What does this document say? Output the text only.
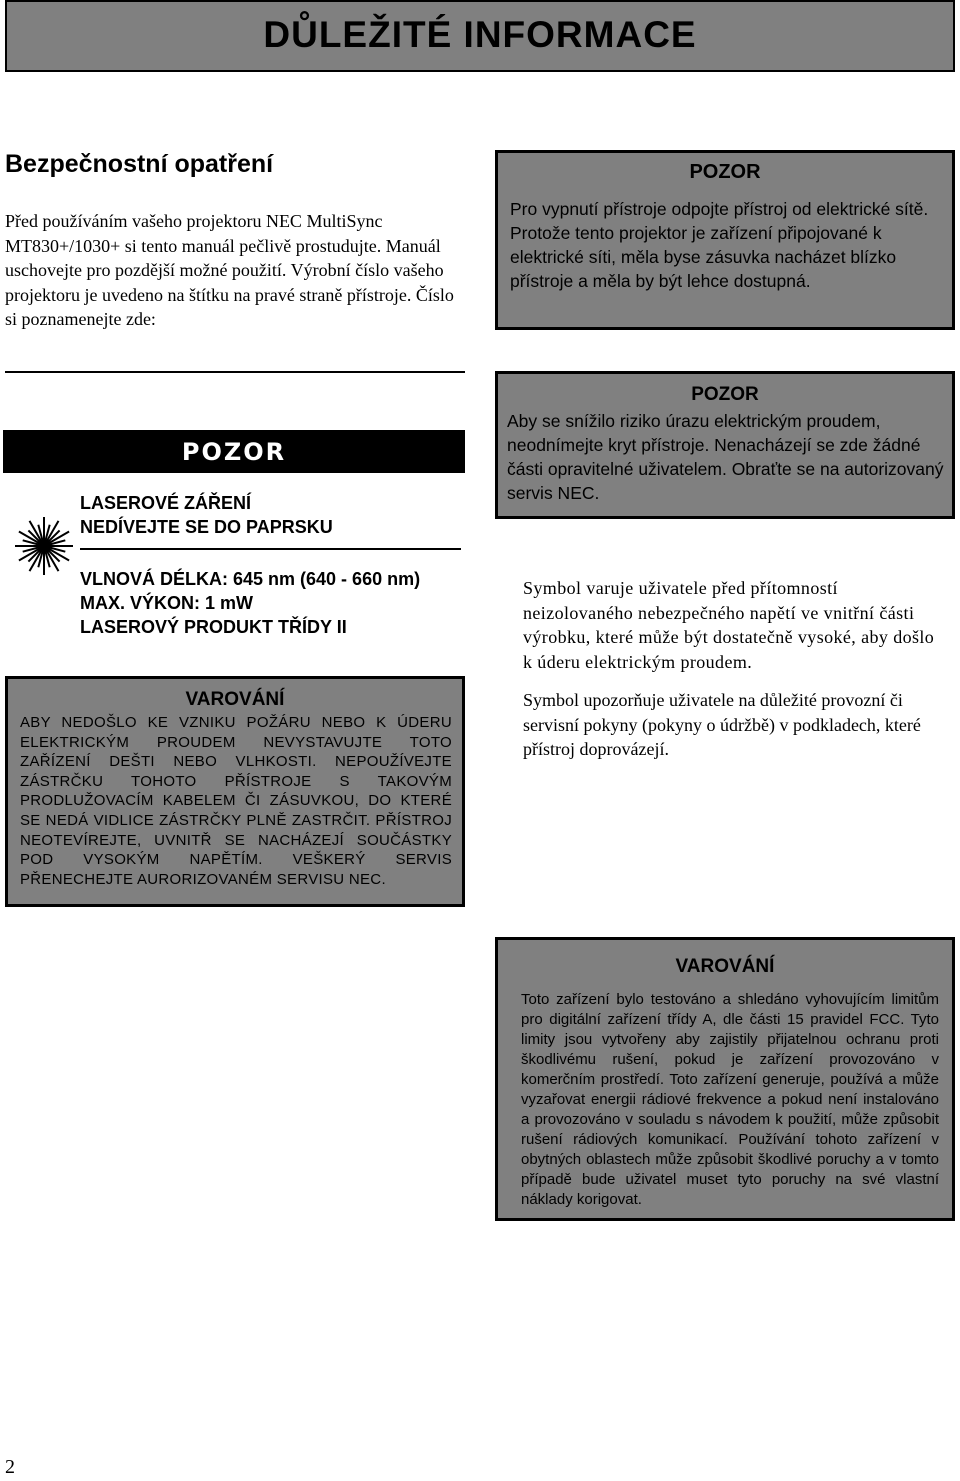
DŮLEŽITÉ INFORMACE
Bezpečnostní opatření
Před používáním vašeho projektoru NEC MultiSync MT830+/1030+ si tento manuál pečlivě prostudujte. Manuál uschovejte pro pozdější možné použití. Výrobní číslo vašeho projektoru je uvedeno na štítku na pravé straně přístroje. Číslo si poznamenejte zde:
POZOR
Pro vypnutí přístroje odpojte přístroj od elektrické sítě. Protože tento projektor je zařízení připojované k elektrické síti, měla byse zásuvka nacházet blízko přístroje a měla by být lehce dostupná.
POZOR
LASEROVÉ ZÁŘENÍ
NEDÍVEJTE SE DO PAPRSKU
VLNOVÁ DÉLKA: 645 nm (640 - 660 nm)
MAX. VÝKON: 1 mW
LASEROVÝ PRODUKT TŘÍDY II
POZOR
Aby se snížilo riziko úrazu elektrickým proudem, neodnímejte kryt přístroje. Nenacházejí se zde žádné části opravitelné uživatelem. Obraťte se na autorizovaný servis NEC.
VAROVÁNÍ
ABY NEDOŠLO KE VZNIKU POŽÁRU NEBO K ÚDERU ELEKTRICKÝM PROUDEM NEVYSTAVUJTE TOTO ZAŘÍZENÍ DEŠTI NEBO VLHKOSTI. NEPOUŽÍVEJTE ZÁSTRČKU TOHOTO PŘÍSTROJE S TAKOVÝM PRODLUŽOVACÍM KABELEM ČI ZÁSUVKOU, DO KTERÉ SE NEDÁ VIDLICE ZÁSTRČKY PLNĚ ZASTRČIT. PŘÍSTROJ NEOTEVÍREJTE, UVNITŘ SE NACHÁZEJÍ SOUČÁSTKY POD VYSOKÝM NAPĚTÍM. VEŠKERÝ SERVIS PŘENECHEJTE AURORIZOVANÉM SERVISU NEC.
Symbol varuje uživatele před přítomností neizolovaného nebezpečného napětí ve vnitřní části výrobku, které může být dostatečně vysoké, aby došlo k úderu elektrickým proudem.
Symbol upozorňuje uživatele na důležité provozní či servisní pokyny (pokyny o údržbě) v podkladech, které přístroj doprovázejí.
VAROVÁNÍ
Toto zařízení bylo testováno a shledáno vyhovujícím limitům pro digitální zařízení třídy A, dle části 15 pravidel FCC. Tyto limity jsou vytvořeny aby zajistily přijatelnou ochranu proti škodlivému rušení, pokud je zařízení provozováno v komerčním prostředí. Toto zařízení generuje, používá a může vyzařovat energii rádiové frekvence a pokud není instalováno a provozováno v souladu s návodem k použití, může způsobit rušení rádiových komunikací. Používání tohoto zařízení v obytných oblastech může způsobit škodlivé poruchy a v tomto případě bude uživatel muset tyto poruchy na své vlastní náklady korigovat.
2
